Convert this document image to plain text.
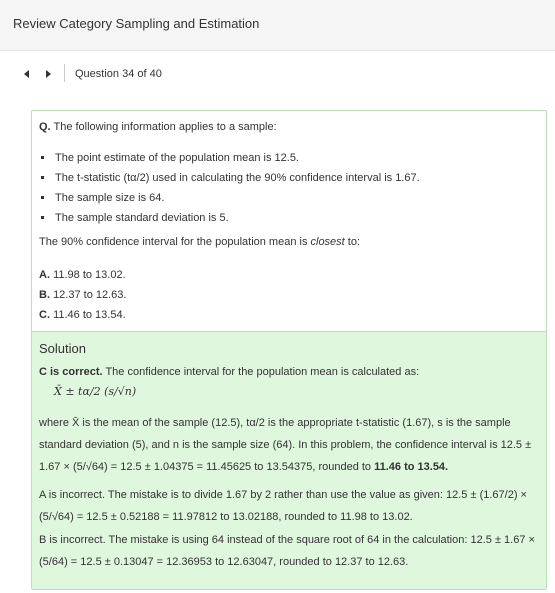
Review Category Sampling and Estimation
Question 34 of 40
Q. The following information applies to a sample:
The point estimate of the population mean is 12.5.
The t-statistic (tα/2) used in calculating the 90% confidence interval is 1.67.
The sample size is 64.
The sample standard deviation is 5.
The 90% confidence interval for the population mean is closest to:
A. 11.98 to 13.02.
B. 12.37 to 12.63.
C. 11.46 to 13.54.
Solution
C is correct. The confidence interval for the population mean is calculated as:
X̄ ± tα/2 (s/√n)
where X̄ is the mean of the sample (12.5), tα/2 is the appropriate t-statistic (1.67), s is the sample standard deviation (5), and n is the sample size (64). In this problem, the confidence interval is 12.5 ± 1.67 × (5/√64) = 12.5 ± 1.04375 = 11.45625 to 13.54375, rounded to 11.46 to 13.54.
A is incorrect. The mistake is to divide 1.67 by 2 rather than use the value as given: 12.5 ± (1.67/2) × (5/√64) = 12.5 ± 0.52188 = 11.97812 to 13.02188, rounded to 11.98 to 13.02.
B is incorrect. The mistake is using 64 instead of the square root of 64 in the calculation: 12.5 ± 1.67 × (5/64) = 12.5 ± 0.13047 = 12.36953 to 12.63047, rounded to 12.37 to 12.63.
